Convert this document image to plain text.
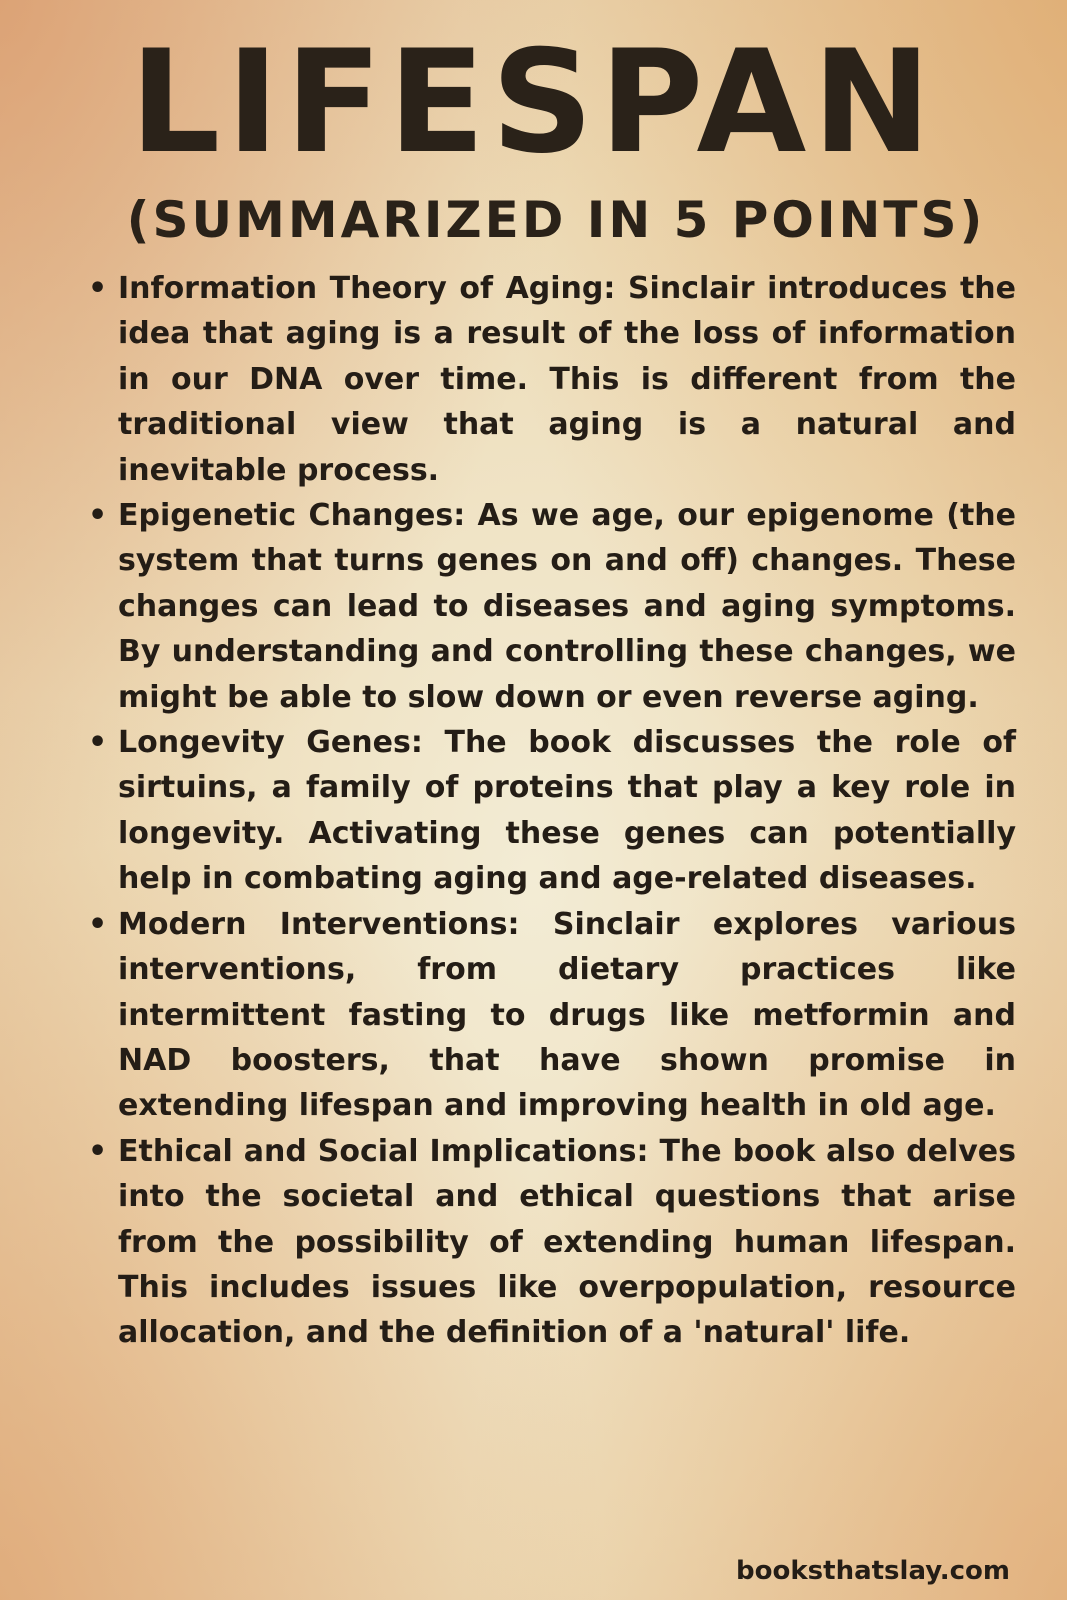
LIFESPAN
(SUMMARIZED IN 5 POINTS)
• Information Theory of Aging: Sinclair introduces the idea that aging is a result of the loss of information in our DNA over time. This is different from the traditional view that aging is a natural and inevitable process.
• Epigenetic Changes: As we age, our epigenome (the system that turns genes on and off) changes. These changes can lead to diseases and aging symptoms. By understanding and controlling these changes, we might be able to slow down or even reverse aging.
• Longevity Genes: The book discusses the role of sirtuins, a family of proteins that play a key role in longevity. Activating these genes can potentially help in combating aging and age-related diseases.
• Modern Interventions: Sinclair explores various interventions, from dietary practices like intermittent fasting to drugs like metformin and NAD boosters, that have shown promise in extending lifespan and improving health in old age.
• Ethical and Social Implications: The book also delves into the societal and ethical questions that arise from the possibility of extending human lifespan. This includes issues like overpopulation, resource allocation, and the definition of a 'natural' life.
booksthatslay.com
